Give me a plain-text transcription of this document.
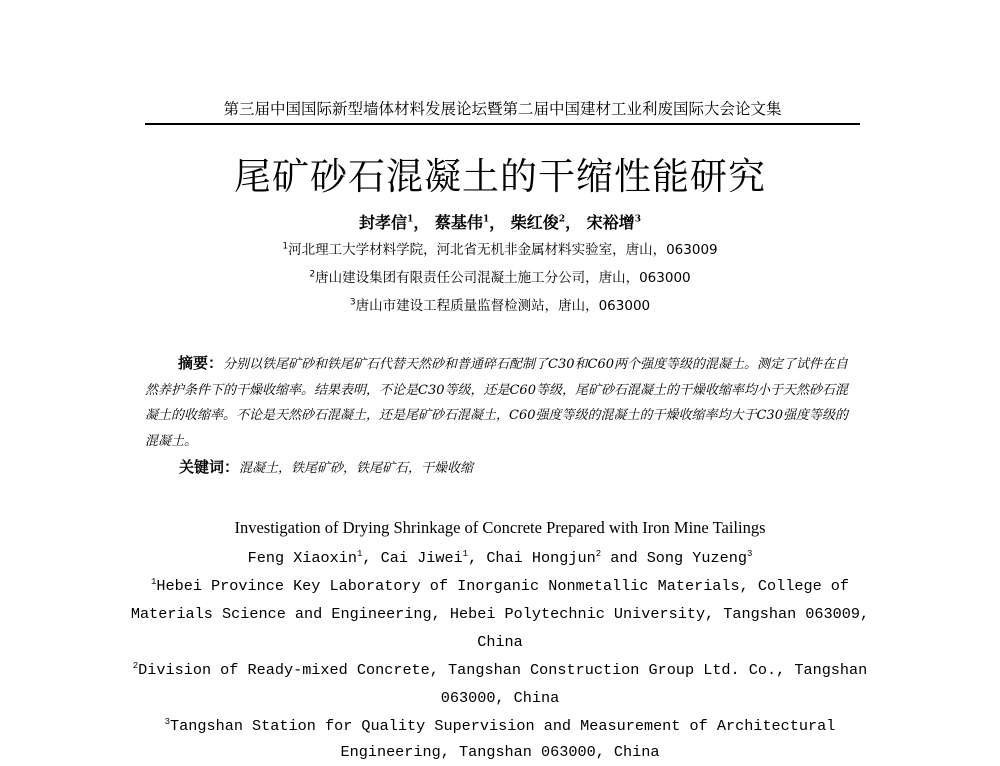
第三届中国国际新型墙体材料发展论坛暨第二届中国建材工业利废国际大会论文集
尾矿砂石混凝土的干缩性能研究
封孝信$^1$， 蔡基伟$^1$， 柴红俊$^2$， 宋裕增$^3$
$^1$河北理工大学材料学院，河北省无机非金属材料实验室，唐山，063009
$^2$唐山建设集团有限责任公司混凝土施工分公司，唐山，063000
$^3$唐山市建设工程质量监督检测站，唐山，063000
摘要：分别以铁尾矿砂和铁尾矿石代替天然砂和普通碎石配制了C30和C60两个强度等级的混凝土。测定了试件在自然养护条件下的干燥收缩率。结果表明，不论是C30等级，还是C60等级，尾矿砂石混凝土的干燥收缩率均小于天然砂石混凝土的收缩率。不论是天然砂石混凝土，还是尾矿砂石混凝土，C60强度等级的混凝土的干燥收缩率均大于C30强度等级的混凝土。
关键词：混凝土，铁尾矿砂，铁尾矿石，干燥收缩
Investigation of Drying Shrinkage of Concrete Prepared with Iron Mine Tailings
Feng Xiaoxin$^1$, Cai Jiwei$^1$, Chai Hongjun$^2$ and Song Yuzeng$^3$
$^1$Hebei Province Key Laboratory of Inorganic Nonmetallic Materials, College of
Materials Science and Engineering, Hebei Polytechnic University, Tangshan 063009,
China
$^2$Division of Ready-mixed Concrete, Tangshan Construction Group Ltd. Co., Tangshan
063000, China
$^3$Tangshan Station for Quality Supervision and Measurement of Architectural
Engineering, Tangshan 063000, China
